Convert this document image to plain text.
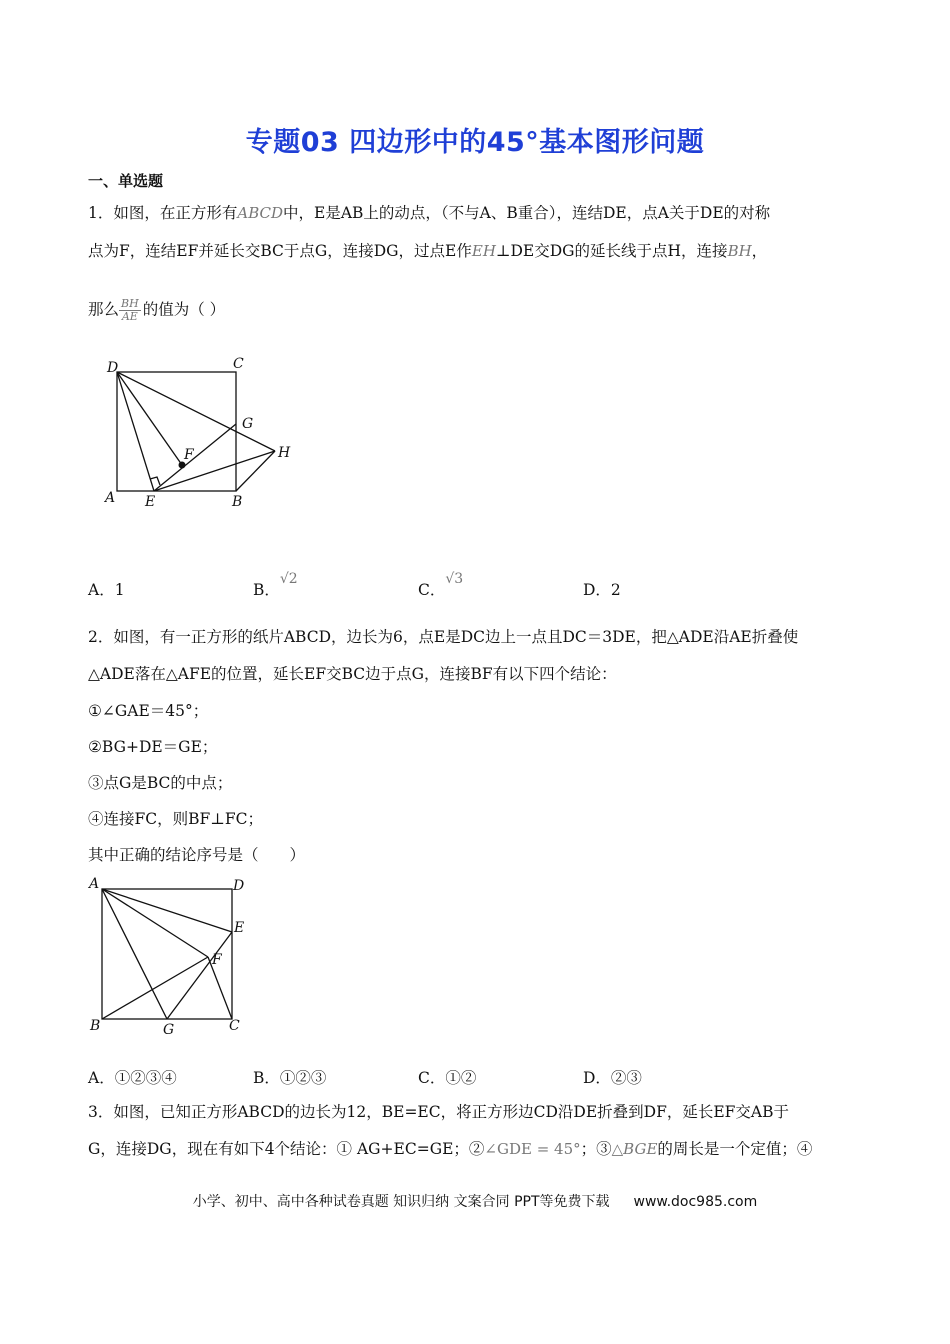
专题03 四边形中的45°基本图形问题
一、单选题
1．如图，在正方形有ABCD中，E是AB上的动点，（不与A、B重合），连结DE，点A关于DE的对称
点为F，连结EF并延长交BC于点G，连接DG，过点E作EH⊥DE交DG的延长线于点H，连接BH，
那么 $\frac{BH}{AE}$ 的值为（ ）
D	C
G
F	H
A E	B
A．1	B．√2
C．√3
D．2
2．如图，有一正方形的纸片ABCD，边长为6，点E是DC边上一点且DC＝3DE，把△ADE沿AE折叠使
△ADE落在△AFE的位置，延长EF交BC边于点G，连接BF有以下四个结论：
①∠GAE＝45°；
②BG+DE＝GE；
③点G是BC的中点；
④连接FC，则BF⊥FC；
其中正确的结论序号是（　　）
A	D
E
F
B	G	C
A．①②③④	B．①②③	C．①②	D．②③
3．如图，已知正方形ABCD的边长为12，BE=EC，将正方形边CD沿DE折叠到DF，延长EF交AB于
G，连接DG，现在有如下4个结论：① AG+EC=GE；②∠GDE = 45°；③△BGE的周长是一个定值；④
小学、初中、高中各种试卷真题 知识归纳 文案合同 PPT等免费下载 www.doc985.com
